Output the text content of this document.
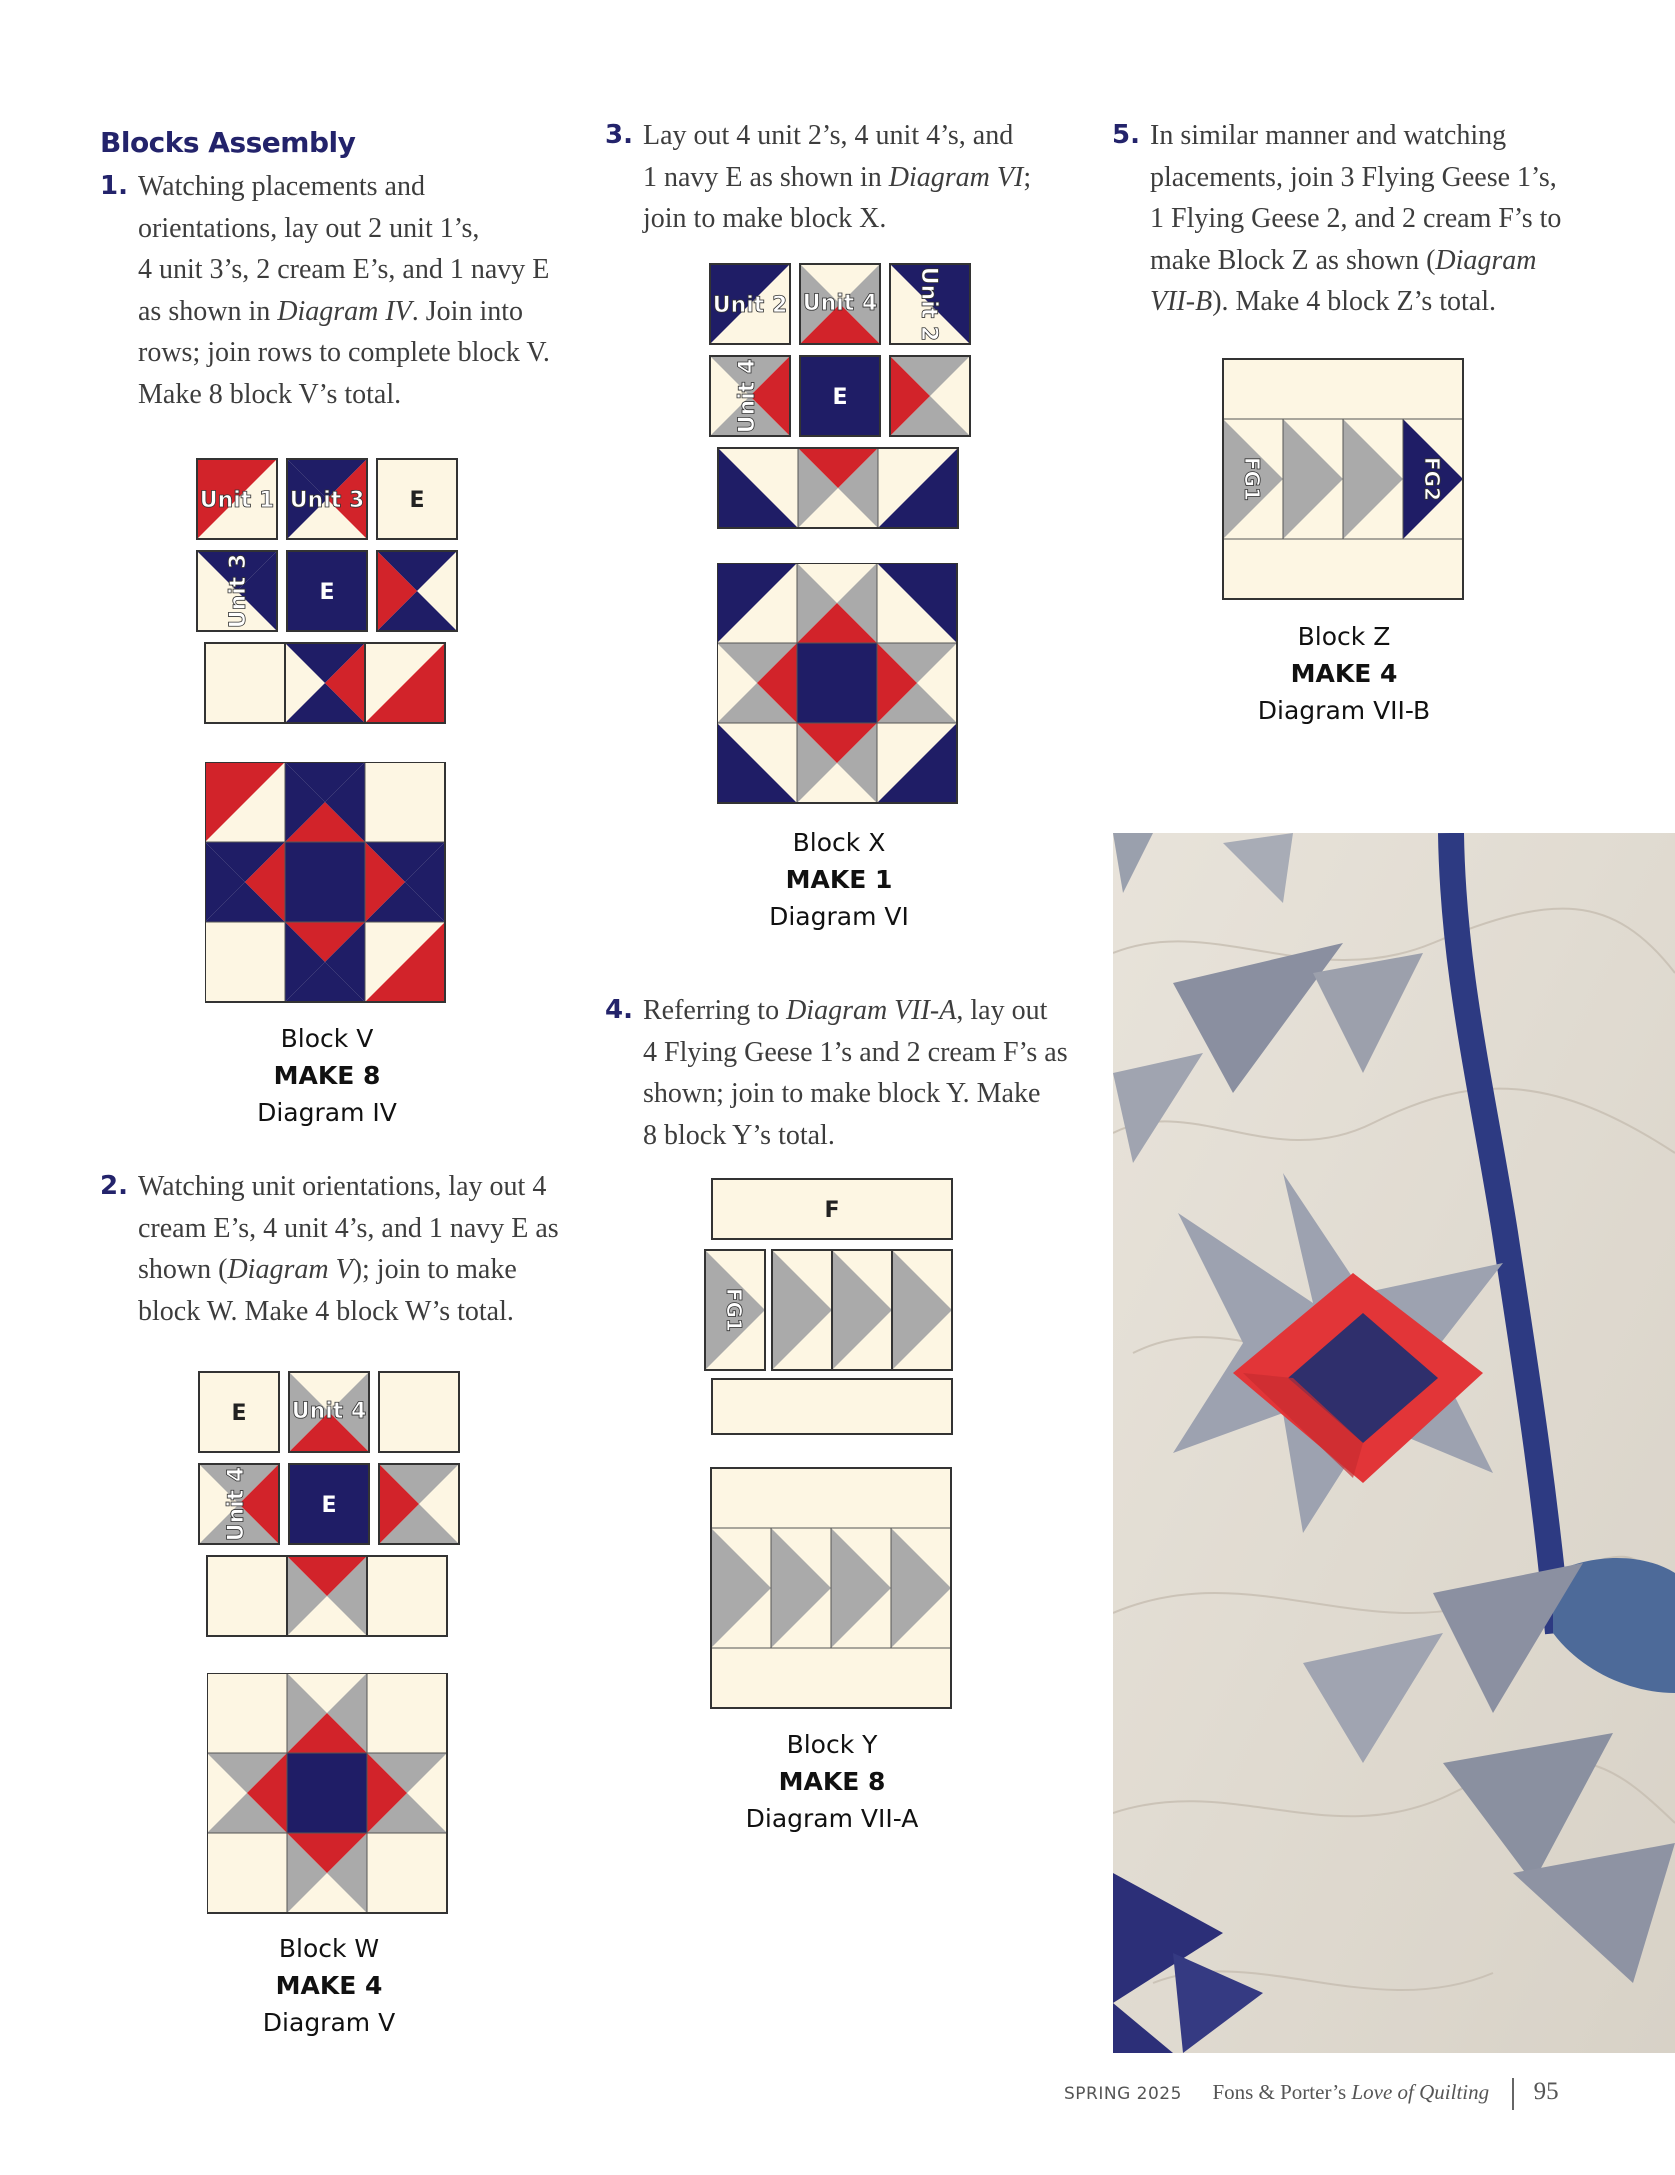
Blocks Assembly
1. Watching placements and
orientations, lay out 2 unit 1’s,
4 unit 3’s, 2 cream E’s, and 1 navy E
as shown in Diagram IV. Join into
rows; join rows to complete block V.
Make 8 block V’s total.
Unit 1 Unit 3 E
Unit 3	E
Block V
MAKE 8
Diagram IV
2. Watching unit orientations, lay out 4
cream E’s, 4 unit 4’s, and 1 navy E as
shown (Diagram V); join to make
block W. Make 4 block W’s total.
E Unit 4
Unit 4	E
Block W
MAKE 4
Diagram V
3. Lay out 4 unit 2’s, 4 unit 4’s, and
1 navy E as shown in Diagram VI;
join to make block X.
Unit 2 Unit 4 Unit 2
Unit 4	E
Block X
MAKE 1
Diagram VI
4. Referring to Diagram VII-A, lay out
4 Flying Geese 1’s and 2 cream F’s as
shown; join to make block Y. Make
8 block Y’s total.
F
FG1
Block Y
MAKE 8
Diagram VII-A
5. In similar manner and watching
placements, join 3 Flying Geese 1’s,
1 Flying Geese 2, and 2 cream F’s to
make Block Z as shown (Diagram
VII-B). Make 4 block Z’s total.
FG1	FG2
Block Z
MAKE 4
Diagram VII-B
SPRING 2025 Fons & Porter’s Love of Quilting 95
